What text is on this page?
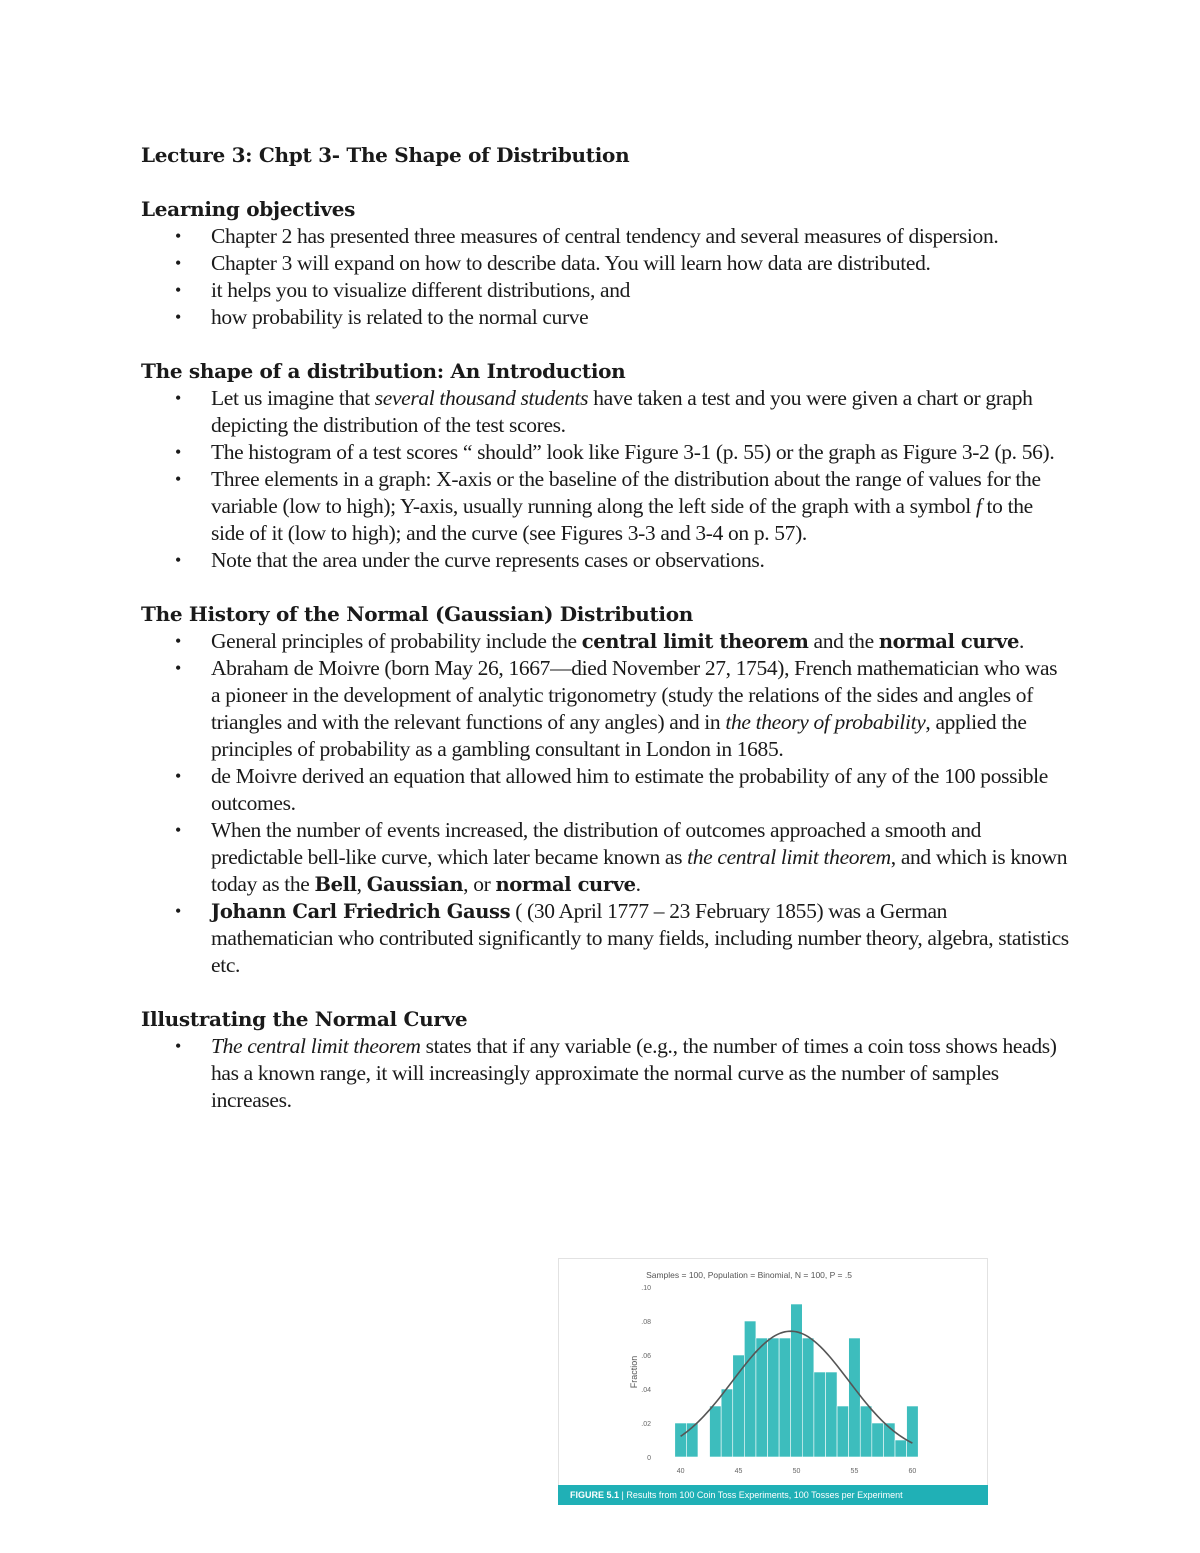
Lecture 3: Chpt 3- The Shape of Distribution

Learning objectives

• Chapter 2 has presented three measures of central tendency and several measures of dispersion.
• Chapter 3 will expand on how to describe data. You will learn how data are distributed.
• it helps you to visualize different distributions, and
• how probability is related to the normal curve

The shape of a distribution: An Introduction

• Let us imagine that several thousand students have taken a test and you were given a chart or graph depicting the distribution of the test scores.
• The histogram of a test scores “ should” look like Figure 3-1 (p. 55) or the graph as Figure 3-2 (p. 56).
• Three elements in a graph: X-axis or the baseline of the distribution about the range of values for the variable (low to high); Y-axis, usually running along the left side of the graph with a symbol f to the side of it (low to high); and the curve (see Figures 3-3 and 3-4 on p. 57).
• Note that the area under the curve represents cases or observations.

The History of the Normal (Gaussian) Distribution

• General principles of probability include the central limit theorem and the normal curve.
• Abraham de Moivre (born May 26, 1667—died November 27, 1754), French mathematician who was a pioneer in the development of analytic trigonometry (study the relations of the sides and angles of triangles and with the relevant functions of any angles) and in the theory of probability, applied the principles of probability as a gambling consultant in London in 1685.
• de Moivre derived an equation that allowed him to estimate the probability of any of the 100 possible outcomes.
• When the number of events increased, the distribution of outcomes approached a smooth and predictable bell-like curve, which later became known as the central limit theorem, and which is known today as the Bell, Gaussian, or normal curve.
• Johann Carl Friedrich Gauss ( (30 April 1777 – 23 February 1855) was a German mathematician who contributed significantly to many fields, including number theory, algebra, statistics etc.

Illustrating the Normal Curve

• The central limit theorem states that if any variable (e.g., the number of times a coin toss shows heads) has a known range, it will increasingly approximate the normal curve as the number of samples increases.
Samples = 100, Population = Binomial, N = 100, P = .5
Fraction
0
.02
.04
.06
.08
.10
40	45	50	55	60
FIGURE 5.1 | Results from 100 Coin Toss Experiments, 100 Tosses per Experiment
